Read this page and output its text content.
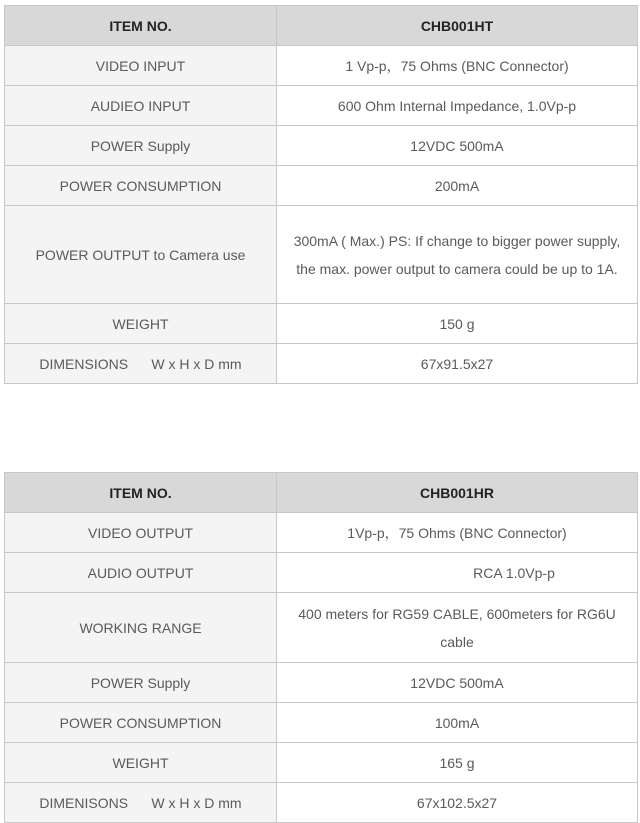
ITEM NO.	CHB001HT
VIDEO INPUT	1 Vp-p，75 Ohms (BNC Connector)
AUDIEO INPUT	600 Ohm Internal Impedance, 1.0Vp-p
POWER Supply	12VDC 500mA
POWER CONSUMPTION	200mA
POWER OUTPUT to Camera use	300mA ( Max.) PS: If change to bigger power supply, the max. power output to camera could be up to 1A.
WEIGHT	150 g
DIMENSIONS      W x H x D mm	67x91.5x27
ITEM NO.	CHB001HR
VIDEO OUTPUT	1Vp-p，75 Ohms (BNC Connector)
AUDIO OUTPUT	RCA 1.0Vp-p
WORKING RANGE	400 meters for RG59 CABLE, 600meters for RG6U cable
POWER Supply	12VDC 500mA
POWER CONSUMPTION	100mA
WEIGHT	165 g
DIMENISONS      W x H x D mm	67x102.5x27
